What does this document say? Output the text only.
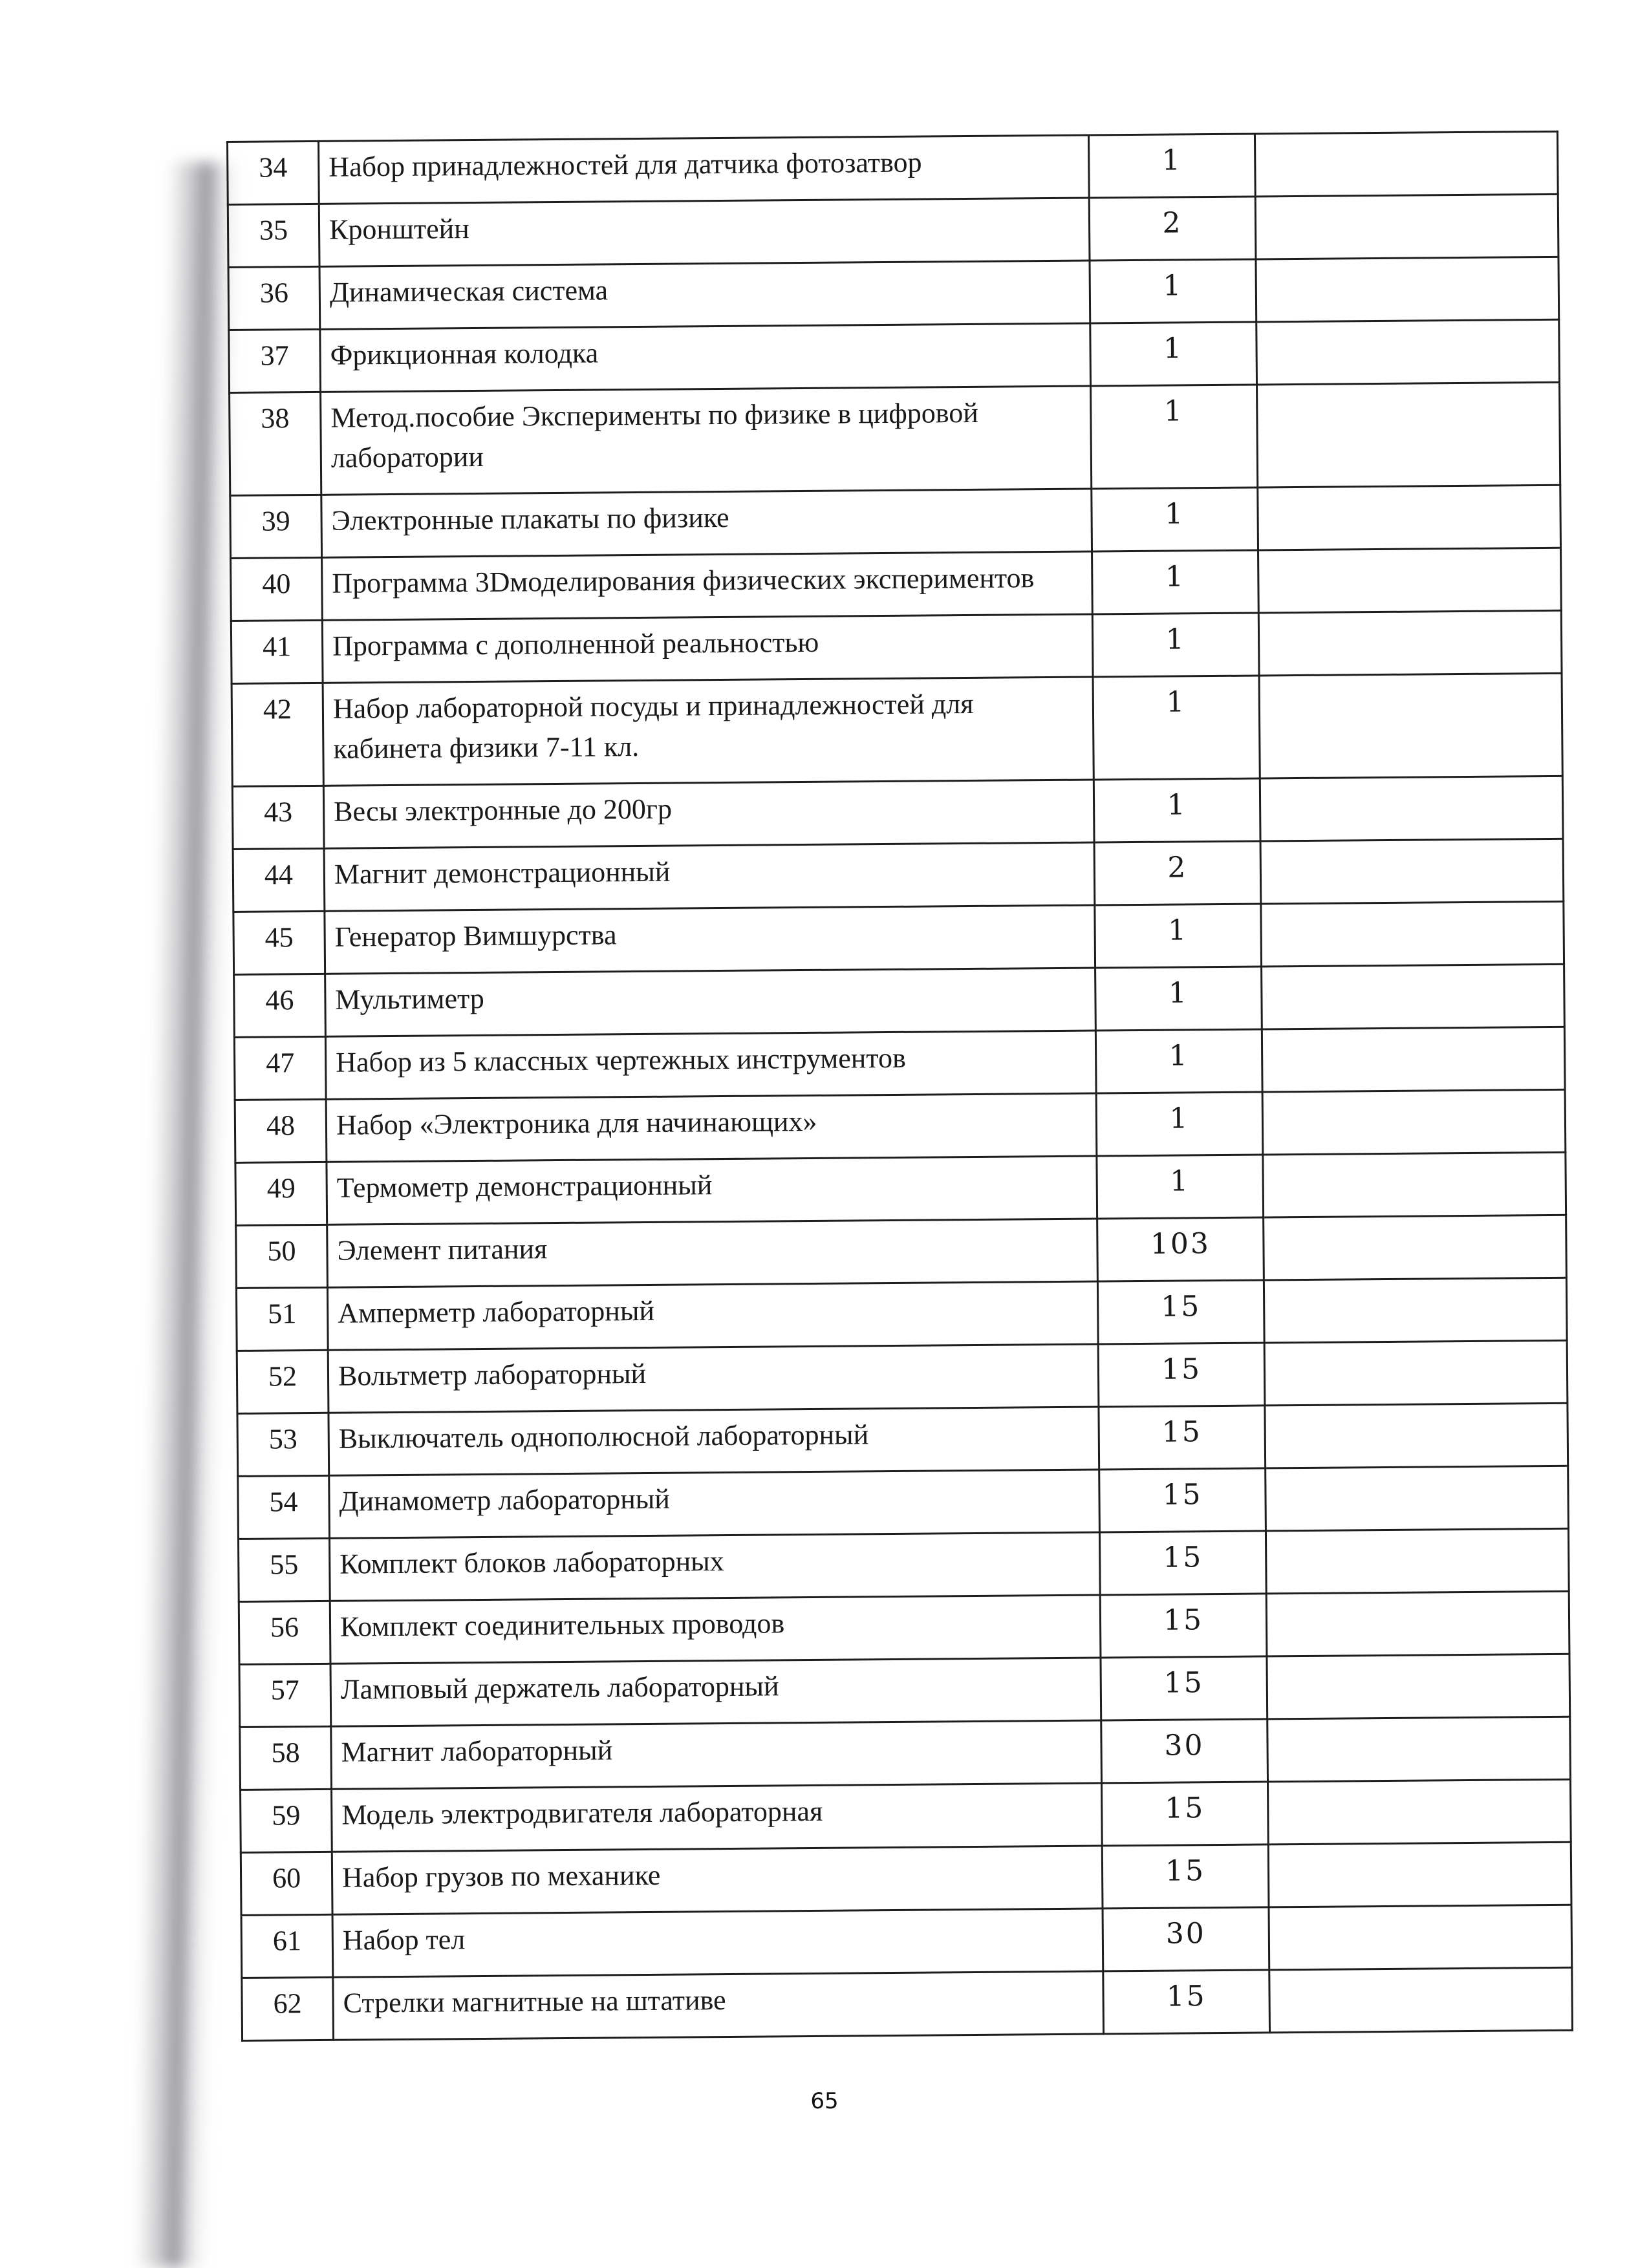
34	Набор принадлежностей для датчика фотозатвор	1	
35	Кронштейн	2	
36	Динамическая система	1	
37	Фрикционная колодка	1	
38	Метод.пособие Эксперименты по физике в цифровой лаборатории	1	
39	Электронные плакаты по физике	1	
40	Программа 3Dмоделирования физических экспериментов	1	
41	Программа с дополненной реальностью	1	
42	Набор лабораторной посуды и принадлежностей для кабинета физики 7-11 кл.	1	
43	Весы электронные до 200гр	1	
44	Магнит демонстрационный	2	
45	Генератор Вимшурства	1	
46	Мультиметр	1	
47	Набор из 5 классных чертежных инструментов	1	
48	Набор «Электроника для начинающих»	1	
49	Термометр демонстрационный	1	
50	Элемент питания	103	
51	Амперметр лабораторный	15	
52	Вольтметр лабораторный	15	
53	Выключатель однополюсной лабораторный	15	
54	Динамометр лабораторный	15	
55	Комплект блоков лабораторных	15	
56	Комплект соединительных проводов	15	
57	Ламповый держатель лабораторный	15	
58	Магнит лабораторный	30	
59	Модель электродвигателя лабораторная	15	
60	Набор грузов по механике	15	
61	Набор тел	30	
62	Стрелки магнитные на штативе	15	
65
